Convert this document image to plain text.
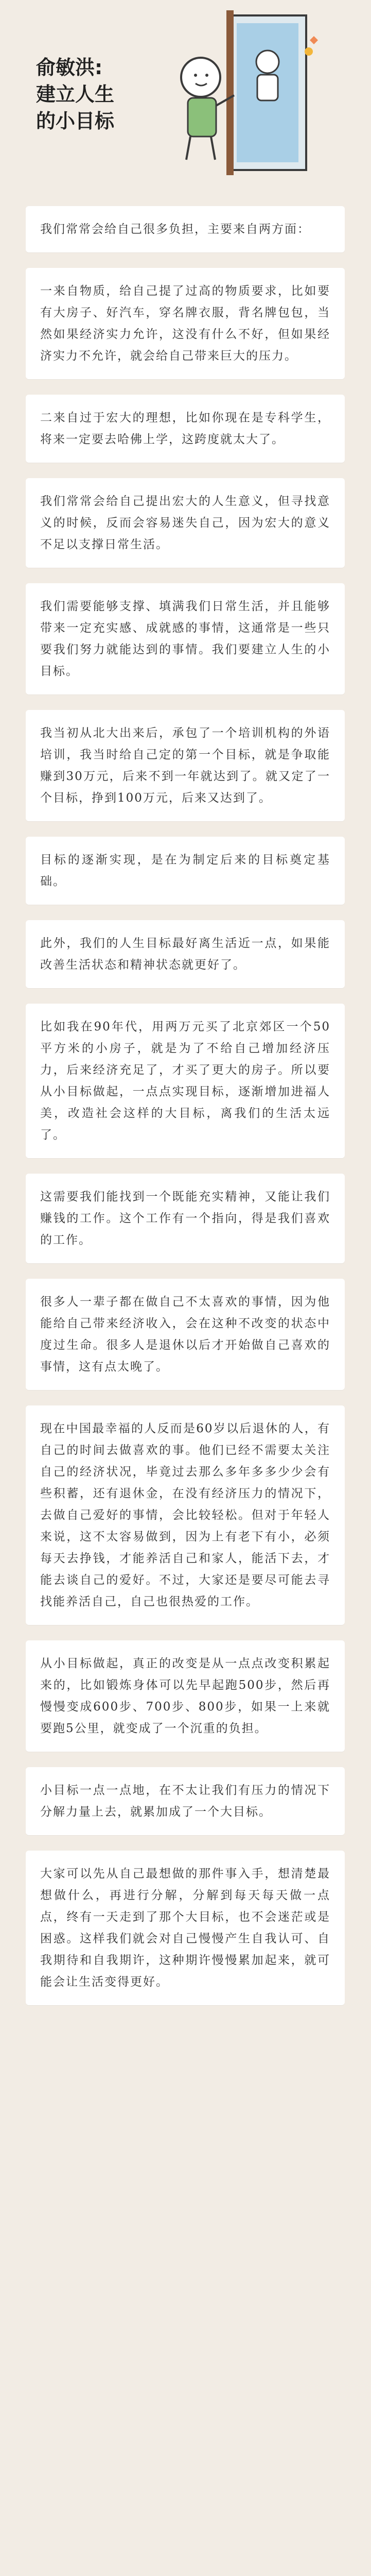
俞敏洪:
建立人生
的小目标

我们常常会给自己很多负担，主要来自两方面：

一来自物质，给自己提了过高的物质要求，比如要有大房子、好汽车，穿名牌衣服，背名牌包包，当然如果经济实力允许，这没有什么不好，但如果经济实力不允许，就会给自己带来巨大的压力。

二来自过于宏大的理想，比如你现在是专科学生，将来一定要去哈佛上学，这跨度就太大了。

我们常常会给自己提出宏大的人生意义，但寻找意义的时候，反而会容易迷失自己，因为宏大的意义不足以支撑日常生活。

我们需要能够支撑、填满我们日常生活，并且能够带来一定充实感、成就感的事情，这通常是一些只要我们努力就能达到的事情。我们要建立人生的小目标。

我当初从北大出来后，承包了一个培训机构的外语培训，我当时给自己定的第一个目标，就是争取能赚到30万元，后来不到一年就达到了。就又定了一个目标，挣到100万元，后来又达到了。

目标的逐渐实现，是在为制定后来的目标奠定基础。

此外，我们的人生目标最好离生活近一点，如果能改善生活状态和精神状态就更好了。

比如我在90年代，用两万元买了北京郊区一个50平方米的小房子，就是为了不给自己增加经济压力，后来经济充足了，才买了更大的房子。所以要从小目标做起，一点点实现目标，逐渐增加进福人美，改造社会这样的大目标，离我们的生活太远了。

这需要我们能找到一个既能充实精神，又能让我们赚钱的工作。这个工作有一个指向，得是我们喜欢的工作。

很多人一辈子都在做自己不太喜欢的事情，因为他能给自己带来经济收入，会在这种不改变的状态中度过生命。很多人是退休以后才开始做自己喜欢的事情，这有点太晚了。

现在中国最幸福的人反而是60岁以后退休的人，有自己的时间去做喜欢的事。他们已经不需要太关注自己的经济状况，毕竟过去那么多年多多少少会有些积蓄，还有退休金，在没有经济压力的情况下，去做自己爱好的事情，会比较轻松。但对于年轻人来说，这不太容易做到，因为上有老下有小，必须每天去挣钱，才能养活自己和家人，能活下去，才能去谈自己的爱好。不过，大家还是要尽可能去寻找能养活自己，自己也很热爱的工作。

从小目标做起，真正的改变是从一点点改变积累起来的，比如锻炼身体可以先早起跑500步，然后再慢慢变成600步、700步、800步，如果一上来就要跑5公里，就变成了一个沉重的负担。

小目标一点一点地，在不太让我们有压力的情况下分解力量上去，就累加成了一个大目标。

大家可以先从自己最想做的那件事入手，想清楚最想做什么，再进行分解，分解到每天每天做一点点，终有一天走到了那个大目标，也不会迷茫或是困惑。这样我们就会对自己慢慢产生自我认可、自我期待和自我期许，这种期许慢慢累加起来，就可能会让生活变得更好。
